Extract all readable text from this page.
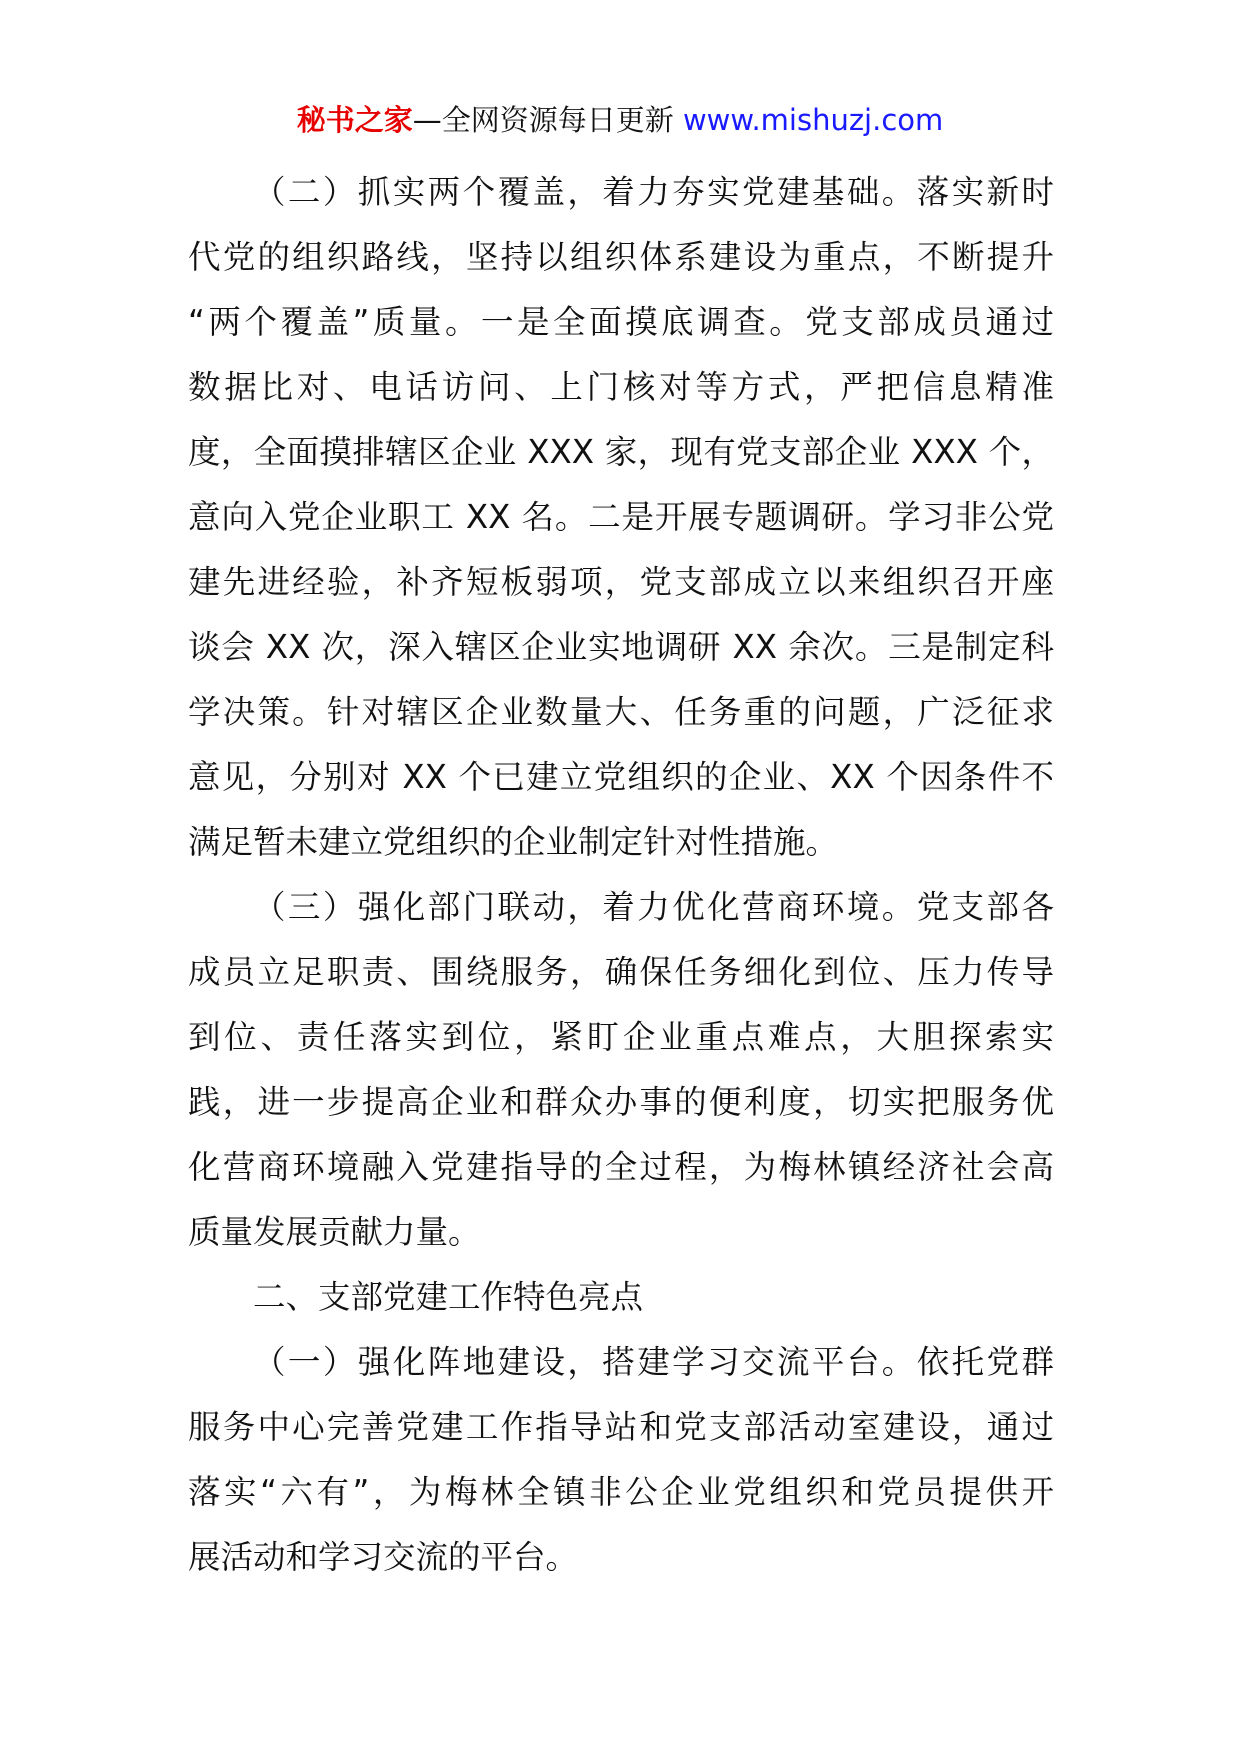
秘书之家—全网资源每日更新 www.mishuzj.com
（二）抓实两个覆盖，着力夯实党建基础。落实新时
代党的组织路线，坚持以组织体系建设为重点，不断提升
“两个覆盖”质量。一是全面摸底调查。党支部成员通过
数据比对、电话访问、上门核对等方式，严把信息精准
度，全面摸排辖区企业 XXX 家，现有党支部企业 XXX 个，
意向入党企业职工 XX 名。二是开展专题调研。学习非公党
建先进经验，补齐短板弱项，党支部成立以来组织召开座
谈会 XX 次，深入辖区企业实地调研 XX 余次。三是制定科
学决策。针对辖区企业数量大、任务重的问题，广泛征求
意见，分别对 XX 个已建立党组织的企业、XX 个因条件不
满足暂未建立党组织的企业制定针对性措施。
（三）强化部门联动，着力优化营商环境。党支部各
成员立足职责、围绕服务，确保任务细化到位、压力传导
到位、责任落实到位，紧盯企业重点难点，大胆探索实
践，进一步提高企业和群众办事的便利度，切实把服务优
化营商环境融入党建指导的全过程，为梅林镇经济社会高
质量发展贡献力量。
二、支部党建工作特色亮点
（一）强化阵地建设，搭建学习交流平台。依托党群
服务中心完善党建工作指导站和党支部活动室建设，通过
落实“六有”，为梅林全镇非公企业党组织和党员提供开
展活动和学习交流的平台。
